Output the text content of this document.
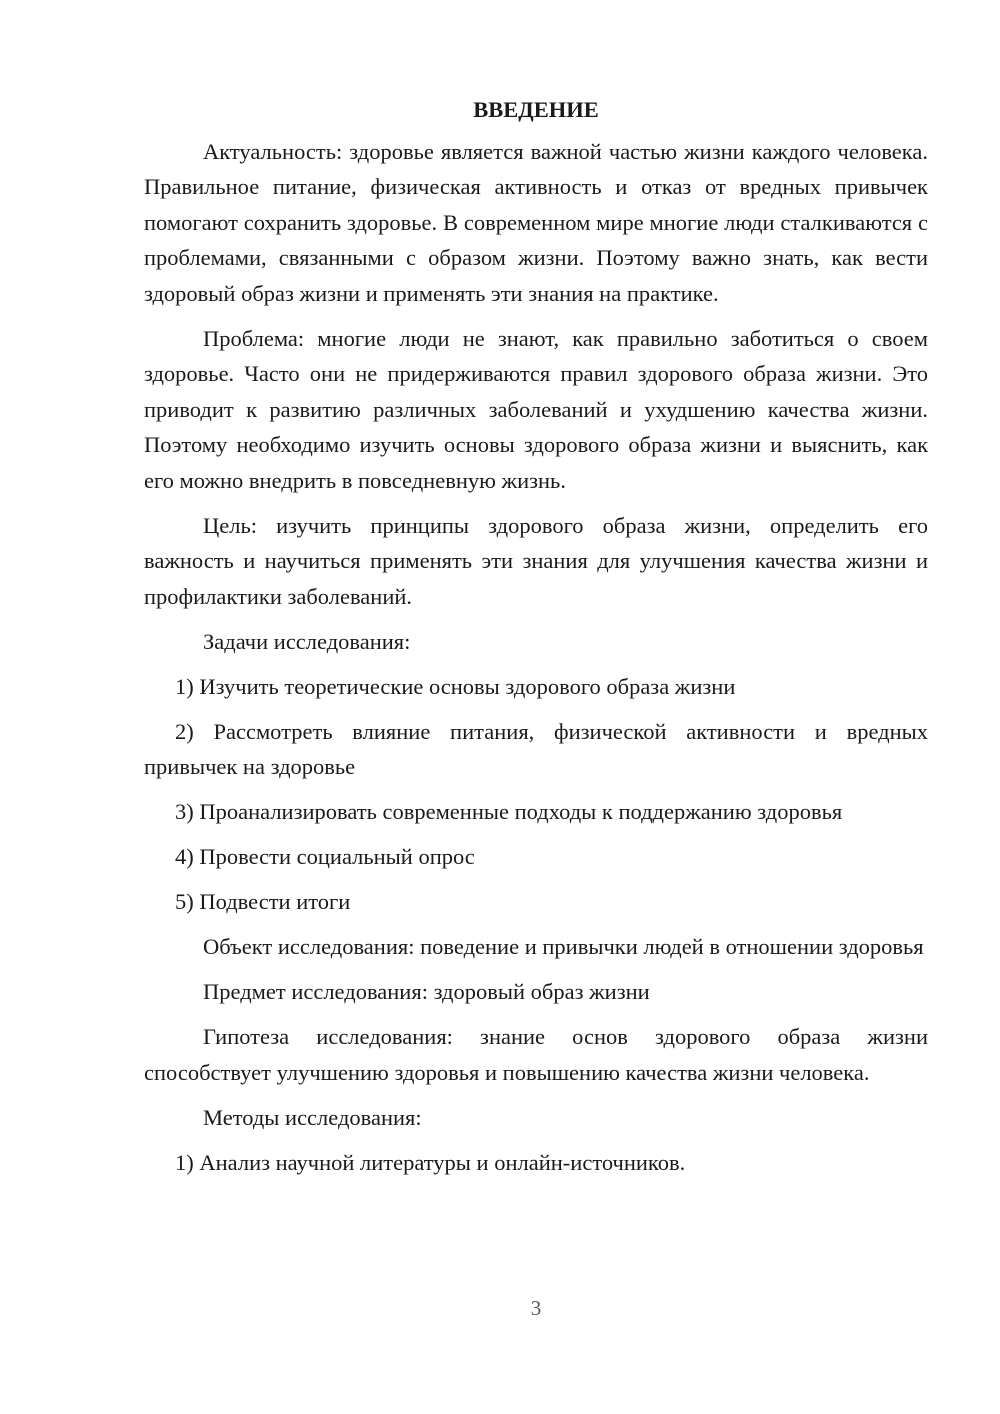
ВВЕДЕНИЕ

Актуальность: здоровье является важной частью жизни каждого человека. Правильное питание, физическая активность и отказ от вредных привычек помогают сохранить здоровье. В современном мире многие люди сталкиваются с проблемами, связанными с образом жизни. Поэтому важно знать, как вести здоровый образ жизни и применять эти знания на практике.

Проблема: многие люди не знают, как правильно заботиться о своем здоровье. Часто они не придерживаются правил здорового образа жизни. Это приводит к развитию различных заболеваний и ухудшению качества жизни. Поэтому необходимо изучить основы здорового образа жизни и выяснить, как его можно внедрить в повседневную жизнь.

Цель: изучить принципы здорового образа жизни, определить его важность и научиться применять эти знания для улучшения качества жизни и профилактики заболеваний.

Задачи исследования:

1) Изучить теоретические основы здорового образа жизни

2) Рассмотреть влияние питания, физической активности и вредных привычек на здоровье

3) Проанализировать современные подходы к поддержанию здоровья

4) Провести социальный опрос

5) Подвести итоги

Объект исследования: поведение и привычки людей в отношении здоровья

Предмет исследования: здоровый образ жизни

Гипотеза исследования: знание основ здорового образа жизни способствует улучшению здоровья и повышению качества жизни человека.

Методы исследования:

1) Анализ научной литературы и онлайн-источников.

3
